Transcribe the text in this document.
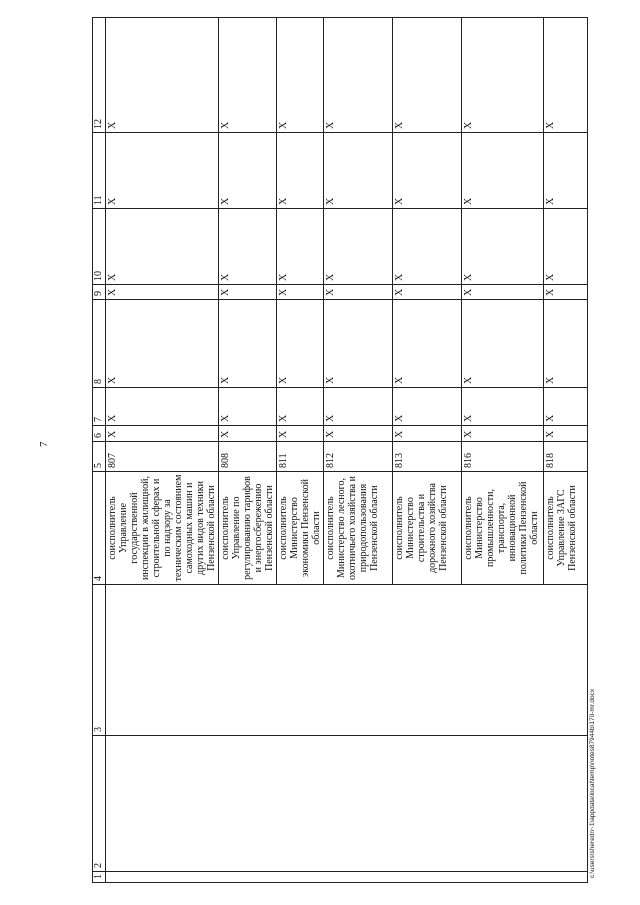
7
1	2	3	4	5	6	7	8	9	10	11	12
			соисполнитель Управление государственной инспекции в жилищной, строительной сферах и по надзору за техническим состоянием самоходных машин и других видов техники Пензенской области	807	X	X	X	X	X	X	X
			соисполнитель Управление по регулированию тарифов и энергосбережению Пензенской области	808	X	X	X	X	X	X	X
			соисполнитель Министерство экономики Пензенской области	811	X	X	X	X	X	X	X
			соисполнитель Министерство лесного, охотничьего хозяйства и природопользования Пензенской области	812	X	X	X	X	X	X	X
			соисполнитель Министерство строительства и дорожного хозяйства Пензенской области	813	X	X	X	X	X	X	X
			соисполнитель Министерство промышленности, транспорта, инновационной политики Пензенской области	816	X	X	X	X	X	X	X
			соисполнитель Управление ЗАГС Пензенской области	818	X	X	X	X	X	X	X
c:\users\sheredn~1\appdata\local\temp\notes87944b\170-mr.docx
